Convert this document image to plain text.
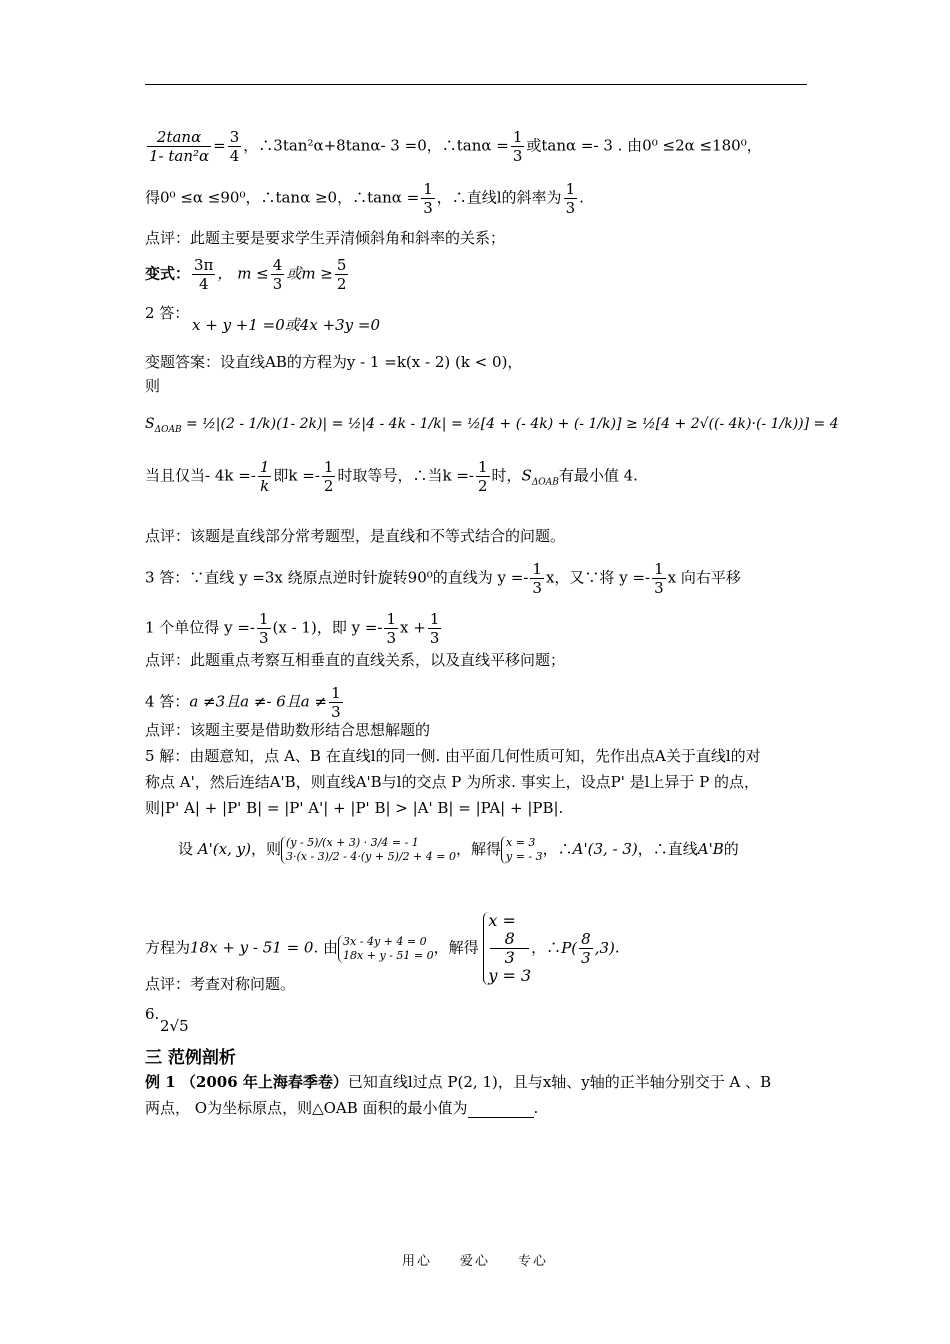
$\frac{2\tan\alpha}{\text{1- tan²α}} = \frac{3}{4}$ ，∴3tan²α+8tanα- 3 =0，∴tanα = $\frac{1}{3}$ 或tanα =- 3 . 由0⁰ ≤2α ≤180⁰，
得0⁰ ≤α ≤90⁰，∴tanα ≥0，∴tanα = $\frac{1}{3}$ ，∴直线l的斜率为 $\frac{1}{3}$ .
点评：此题主要是要求学生弄清倾斜角和斜率的关系；
变式： $\frac{3\pi}{4}$ ， $m \le \frac{4}{3}$ 或$m \ge \frac{5}{2}$
2 答：
x + y +1 =0或4x +3y =0
变题答案：设直线AB的方程为y - 1 =k(x - 2) (k < 0)，
则
$S_{\Delta OAB}$ = ½|(2 - 1/k)(1- 2k)| = ½|4 - 4k - 1/k| = ½[4 + (- 4k) + (- 1/k)] ≥ ½[4 + 2√((- 4k)·(- 1/k))] = 4
当且仅当- $4k =- \frac{1}{k}$ 即$k =- \frac{1}{2}$ 时取等号，∴当$k =- \frac{1}{2}$ 时，$S_{\Delta OAB}$有最小值 4.
点评：该题是直线部分常考题型，是直线和不等式结合的问题。
3 答：∵直线 y =3x 绕原点逆时针旋转90⁰的直线为 $y =- \frac{1}{3}$ x，又∵将 $y =- \frac{1}{3}$ x 向右平移
1 个单位得 $y =- \frac{1}{3} (x - 1)$，即 $y =- \frac{1}{3}$ $x + \frac{1}{3}$
点评：此题重点考察互相垂直的直线关系，以及直线平移问题；
4 答：a ≠3且a ≠- 6且$a \ne \frac{1}{3}$
点评：该题主要是借助数形结合思想解题的
5 解：由题意知，点 A、B 在直线l的同一侧. 由平面几何性质可知，先作出点A关于直线l的对
称点 A'，然后连结A'B，则直线A'B与l的交点 P 为所求. 事实上，设点P' 是l上异于 P 的点，
则|P' A| + |P' B| = |P' A'| + |P' B| > |A' B| = |PA| + |PB|.
设 A'(x, y)，则 (y - 5)/(x + 3) · 3/4 = - 1
3·(x - 3)/2 - 4·(y + 5)/2 + 4 = 0 ，解得 x = 3
y = - 3 ，∴A'(3, - 3)，∴直线A'B的
方程为18x + y - 51 = 0. 由 3x - 4y + 4 = 0
18x + y - 51 = 0 ，解得
x =
8
3
y = 3
，∴P( $\frac{8}{3} ,3$).
点评：考查对称问题。
6.
2√5
三 范例剖析
例 1 （2006 年上海春季卷）已知直线l过点 P(2, 1)，且与x轴、y轴的正半轴分别交于 A 、B
两点， O为坐标原点，则△OAB 面积的最小值为	.
用心 爱心 专心
